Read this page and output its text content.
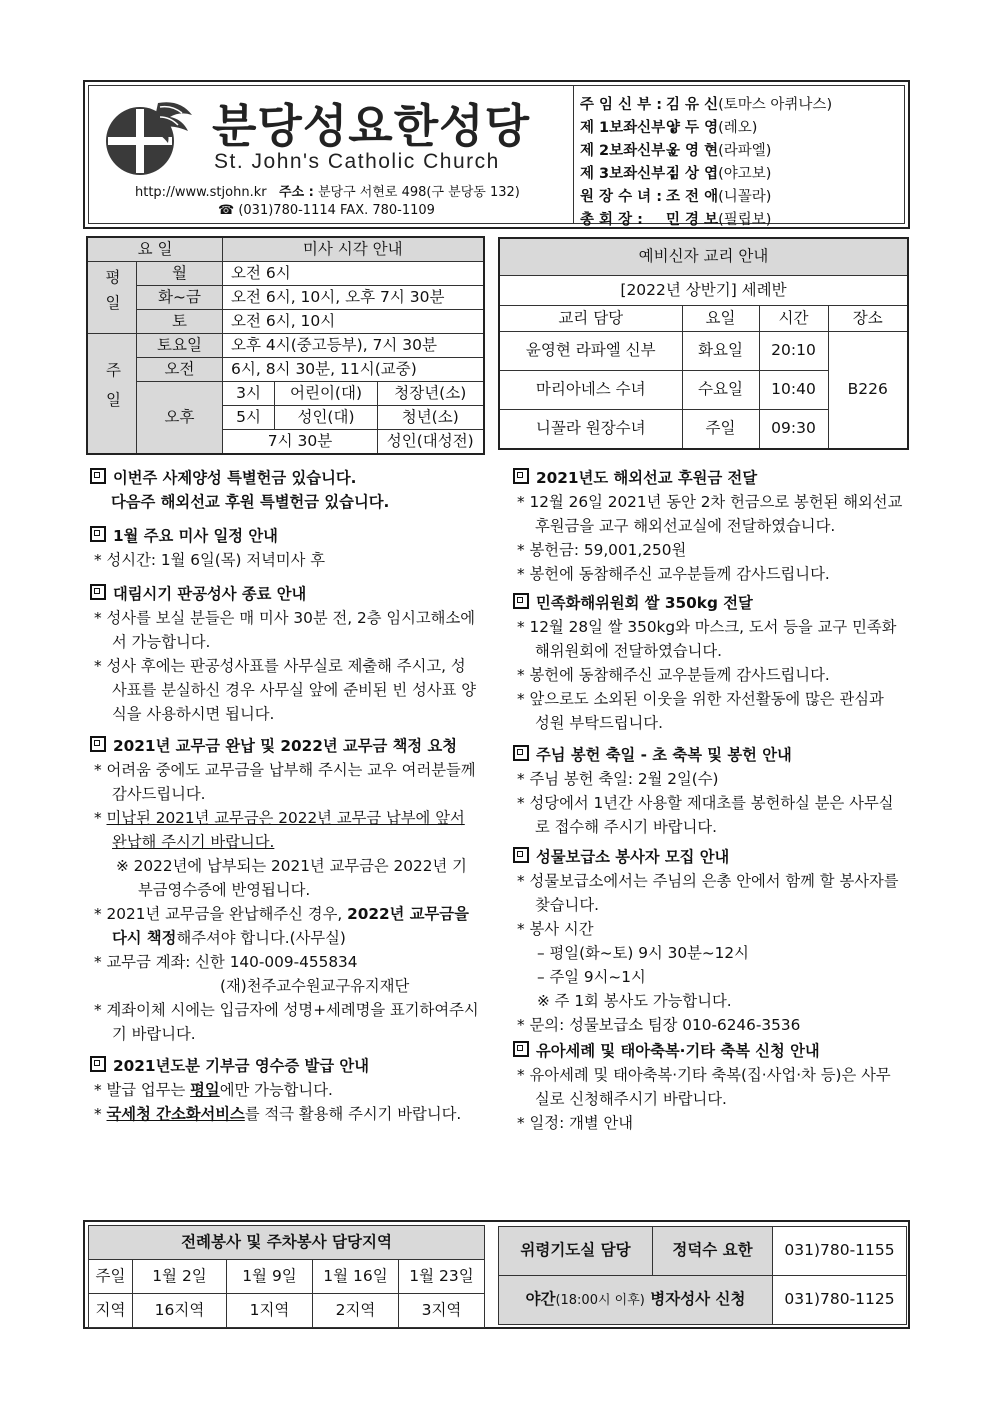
분당성요한성당
St. John's Catholic Church
http://www.stjohn.kr 주소 : 분당구 서현로 498(구 분당동 132)
☎ (031)780-1114 FAX. 780-1109
주 임 신 부 : 김 유 신(토마스 아퀴나스)
제 1보좌신부 :양 두 영(레오)
제 2보좌신부 :윤 영 현(라파엘)
제 3보좌신부 :김 상 엽(야고보)
원 장 수 녀 : 조 전 애(니꼴라)
총 회 장 : 민 경 보(필립보)
요 일		미사 시각 안내		
평일	월	오전 6시		
	화~금	오전 6시, 10시, 오후 7시 30분		
	토	오전 6시, 10시		
주일	토요일	오후 4시(중고등부), 7시 30분		
	오전	6시, 8시 30분, 11시(교중)		
	오후	3시	어린이(대)	청장년(소)
		5시	성인(대)	청년(소)
		7시 30분		성인(대성전)
예비신자 교리 안내			
[2022년 상반기] 세례반			
교리 담당	요일	시간	장소
윤영현 라파엘 신부	화요일	20:10	B226
마리아네스 수녀	수요일	10:40	
니꼴라 원장수녀	주일	09:30	
이번주 사제양성 특별헌금 있습니다.
다음주 해외선교 후원 특별헌금 있습니다.
1월 주요 미사 일정 안내
* 성시간: 1월 6일(목) 저녁미사 후
대림시기 판공성사 종료 안내
* 성사를 보실 분들은 매 미사 30분 전, 2층 임시고해소에서 가능합니다.
* 성사 후에는 판공성사표를 사무실로 제출해 주시고, 성사표를 분실하신 경우 사무실 앞에 준비된 빈 성사표 양식을 사용하시면 됩니다.
2021년 교무금 완납 및 2022년 교무금 책정 요청
* 어려움 중에도 교무금을 납부해 주시는 교우 여러분들께 감사드립니다.
* 미납된 2021년 교무금은 2022년 교무금 납부에 앞서 완납해 주시기 바랍니다.
※ 2022년에 납부되는 2021년 교무금은 2022년 기부금영수증에 반영됩니다.
* 2021년 교무금을 완납해주신 경우, 2022년 교무금을 다시 책정해주셔야 합니다.(사무실)
* 교무금 계좌: 신한 140-009-455834
(재)천주교수원교구유지재단
* 계좌이체 시에는 입금자에 성명+세례명을 표기하여주시기 바랍니다.
2021년도분 기부금 영수증 발급 안내
* 발급 업무는 평일에만 가능합니다.
* 국세청 간소화서비스를 적극 활용해 주시기 바랍니다.
2021년도 해외선교 후원금 전달
* 12월 26일 2021년 동안 2차 헌금으로 봉헌된 해외선교 후원금을 교구 해외선교실에 전달하였습니다.
* 봉헌금: 59,001,250원
* 봉헌에 동참해주신 교우분들께 감사드립니다.
민족화해위원회 쌀 350kg 전달
* 12월 28일 쌀 350kg와 마스크, 도서 등을 교구 민족화해위원회에 전달하였습니다.
* 봉헌에 동참해주신 교우분들께 감사드립니다.
* 앞으로도 소외된 이웃을 위한 자선활동에 많은 관심과 성원 부탁드립니다.
주님 봉헌 축일 - 초 축복 및 봉헌 안내
* 주님 봉헌 축일: 2월 2일(수)
* 성당에서 1년간 사용할 제대초를 봉헌하실 분은 사무실로 접수해 주시기 바랍니다.
성물보급소 봉사자 모집 안내
* 성물보급소에서는 주님의 은총 안에서 함께 할 봉사자를 찾습니다.
* 봉사 시간
– 평일(화~토) 9시 30분~12시
– 주일 9시~1시
※ 주 1회 봉사도 가능합니다.
* 문의: 성물보급소 팀장 010-6246-3536
유아세례 및 태아축복·기타 축복 신청 안내
* 유아세례 및 태아축복·기타 축복(집·사업·차 등)은 사무실로 신청해주시기 바랍니다.
* 일정: 개별 안내
전례봉사 및 주차봉사 담당지역				
주일	1월 2일	1월 9일	1월 16일	1월 23일
지역	16지역	1지역	2지역	3지역
위령기도실 담당	정덕수 요한	031)780-1155
야간(18:00시 이후) 병자성사 신청		031)780-1125
